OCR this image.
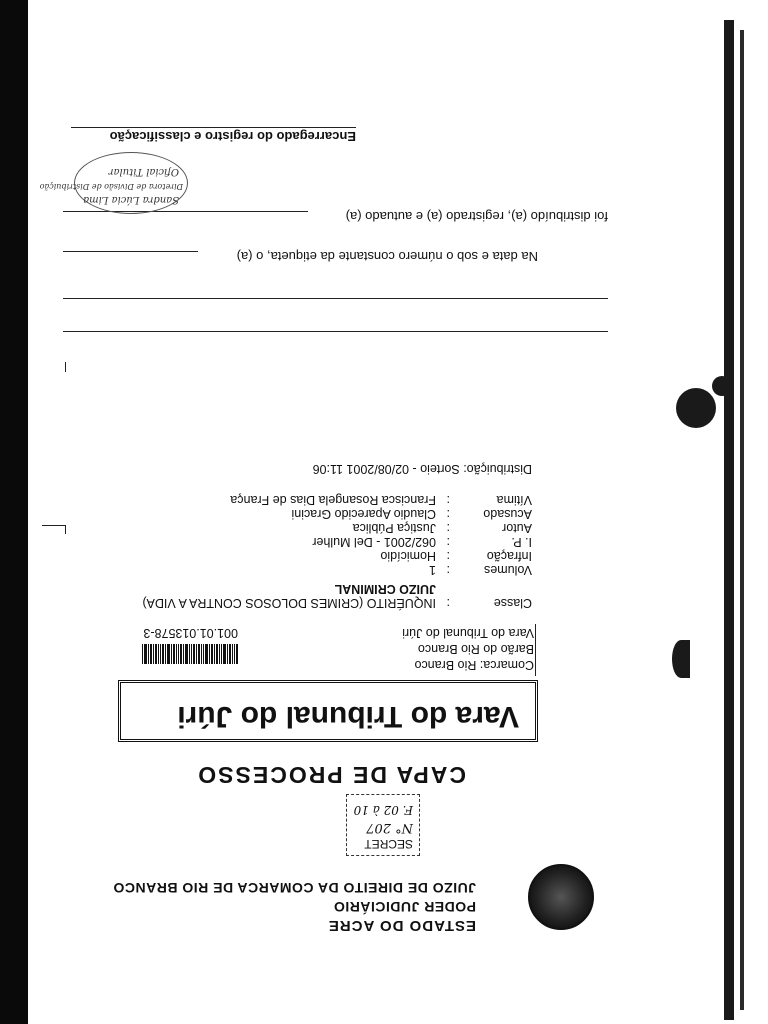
ESTADO DO ACRE
PODER JUDICIÁRIO
JUIZO DE DIREITO DA COMARCA DE RIO BRANCO
SECRET
N° 207
F. 02 à 10
CAPA DE PROCESSO
Vara do Tribunal do Júri
Comarca: Rio Branco
Barão do Rio Branco
Vara do Tribunal do Júri
001.01.013578-3
Classe
:
INQUÉRITO (CRIMES DOLOSOS CONTRA A VIDA)
JUIZO CRIMINAL
Volumes
:
1
Infração
:
Homicídio
I. P.
:
062/2001 - Del Mulher
Autor
:
Justiça Pública
Acusado
:
Claudio Aparecido Gracini
Vítima
:
Francisca Rosangela Dias de França
Distribuição: Sorteio - 02/08/2001 11:06
Na data e sob o número constante da etiqueta, o (a)
foi distribuído (a), registrado (a) e autuado (a)
Sandra Lúcia Lima
Diretora de Divisão de Distribuição
Oficial Titular
Encarregado do registro e classificação
